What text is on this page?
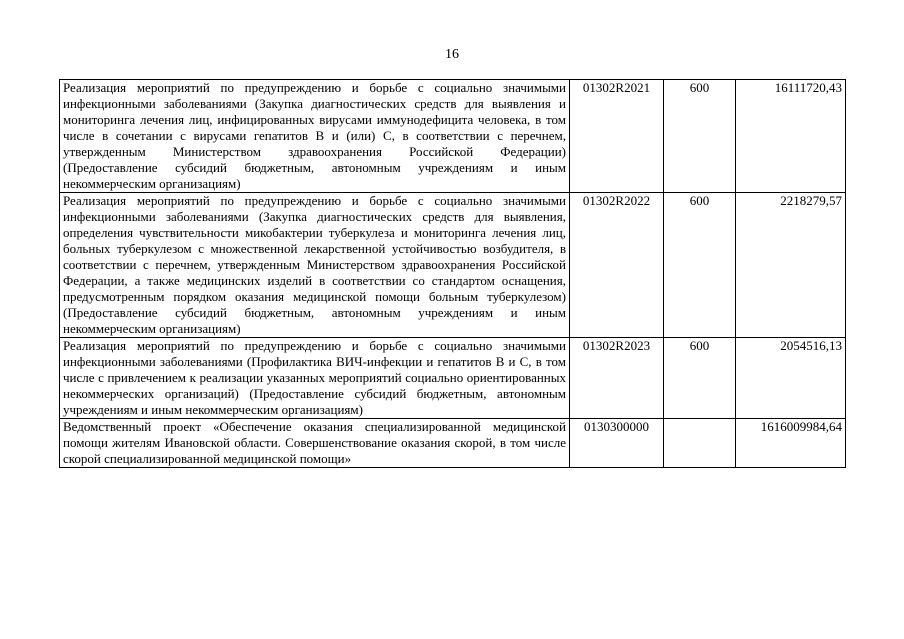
16
Реализация мероприятий по предупреждению и борьбе с социально значимыми инфекционными заболеваниями (Закупка диагностических средств для выявления и мониторинга лечения лиц, инфицированных вирусами иммунодефицита человека, в том числе в сочетании с вирусами гепатитов B и (или) C, в соответствии с перечнем, утвержденным Министерством здравоохранения Российской Федерации) (Предоставление субсидий бюджетным, автономным учреждениям и иным некоммерческим организациям)	01302R2021	600	16111720,43
Реализация мероприятий по предупреждению и борьбе с социально значимыми инфекционными заболеваниями (Закупка диагностических средств для выявления, определения чувствительности микобактерии туберкулеза и мониторинга лечения лиц, больных туберкулезом с множественной лекарственной устойчивостью возбудителя, в соответствии с перечнем, утвержденным Министерством здравоохранения Российской Федерации, а также медицинских изделий в соответствии со стандартом оснащения, предусмотренным порядком оказания медицинской помощи больным туберкулезом) (Предоставление субсидий бюджетным, автономным учреждениям и иным некоммерческим организациям)	01302R2022	600	2218279,57
Реализация мероприятий по предупреждению и борьбе с социально значимыми инфекционными заболеваниями (Профилактика ВИЧ-инфекции и гепатитов B и C, в том числе с привлечением к реализации указанных мероприятий социально ориентированных некоммерческих организаций) (Предоставление субсидий бюджетным, автономным учреждениям и иным некоммерческим организациям)	01302R2023	600	2054516,13
Ведомственный проект «Обеспечение оказания специализированной медицинской помощи жителям Ивановской области. Совершенствование оказания скорой, в том числе скорой специализированной медицинской помощи»	0130300000		1616009984,64
